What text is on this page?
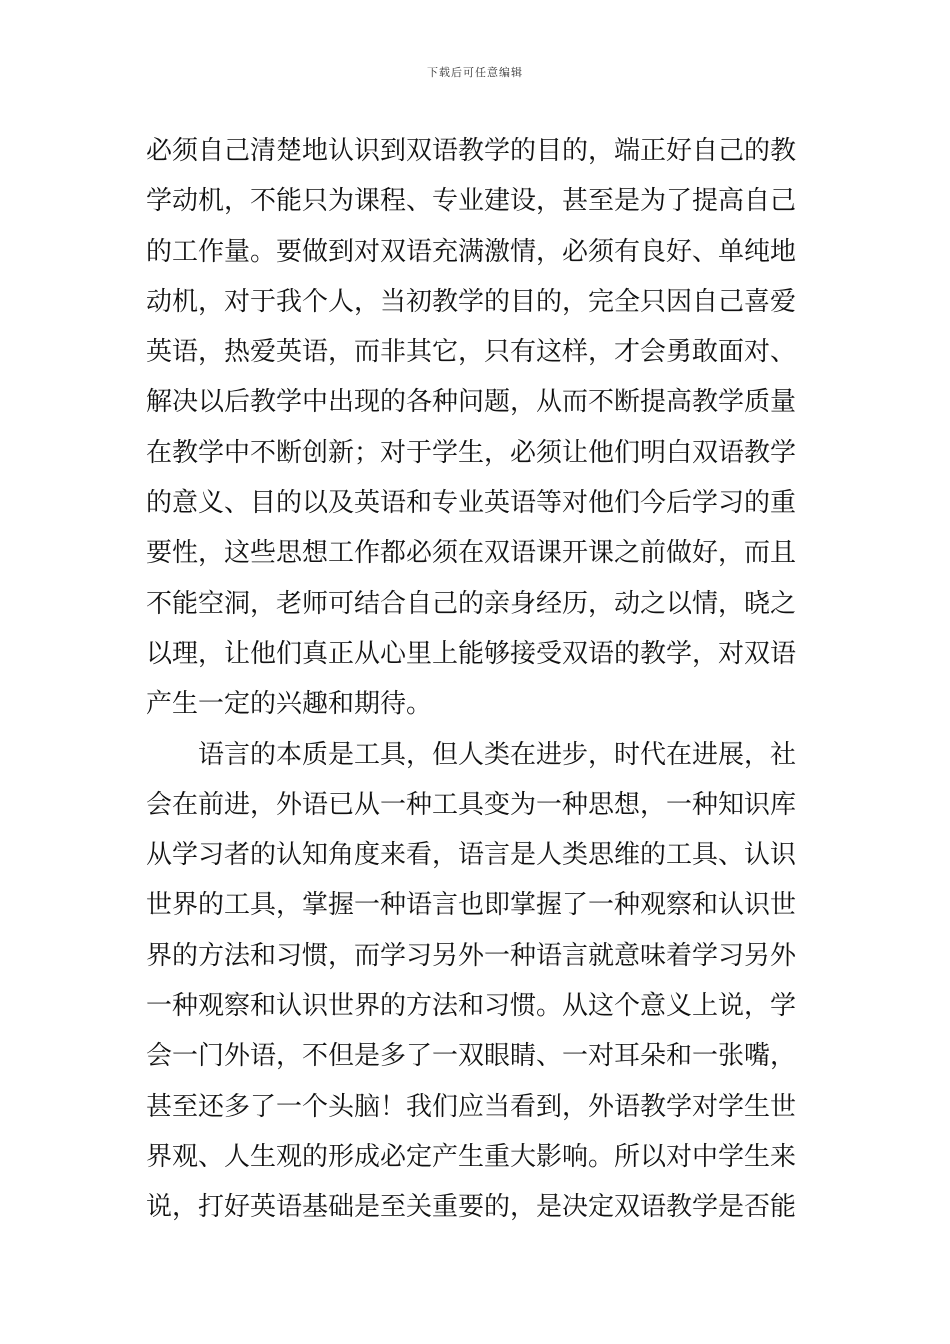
下载后可任意编辑
必须自己清楚地认识到双语教学的目的，端正好自己的教
学动机，不能只为课程、专业建设，甚至是为了提高自己
的工作量。要做到对双语充满激情，必须有良好、单纯地
动机，对于我个人，当初教学的目的，完全只因自己喜爱
英语，热爱英语，而非其它，只有这样，才会勇敢面对、
解决以后教学中出现的各种问题，从而不断提高教学质量
在教学中不断创新；对于学生，必须让他们明白双语教学
的意义、目的以及英语和专业英语等对他们今后学习的重
要性，这些思想工作都必须在双语课开课之前做好，而且
不能空洞，老师可结合自己的亲身经历，动之以情，晓之
以理，让他们真正从心里上能够接受双语的教学，对双语
产生一定的兴趣和期待。
语言的本质是工具，但人类在进步，时代在进展，社
会在前进，外语已从一种工具变为一种思想，一种知识库
从学习者的认知角度来看，语言是人类思维的工具、认识
世界的工具，掌握一种语言也即掌握了一种观察和认识世
界的方法和习惯，而学习另外一种语言就意味着学习另外
一种观察和认识世界的方法和习惯。从这个意义上说，学
会一门外语，不但是多了一双眼睛、一对耳朵和一张嘴，
甚至还多了一个头脑！我们应当看到，外语教学对学生世
界观、人生观的形成必定产生重大影响。所以对中学生来
说，打好英语基础是至关重要的，是决定双语教学是否能
